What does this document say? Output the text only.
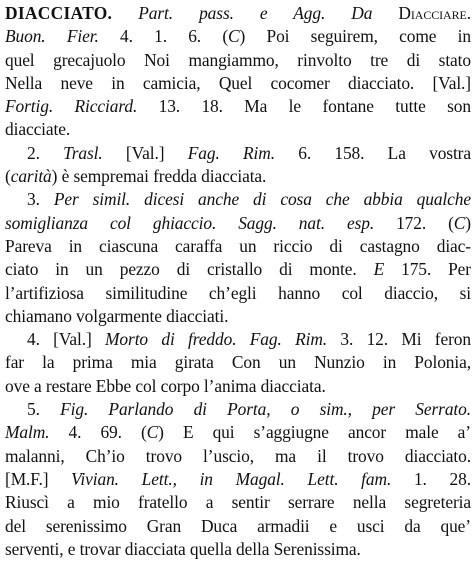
DIACCIATO. Part. pass. e Agg. Da Diacciare.
Buon. Fier. 4. 1. 6. (C) Poi seguirem, come in
quel grecajuolo Noi mangiammo, rinvolto tre di stato
Nella neve in camicia, Quel cocomer diacciato. [Val.]
Fortig. Ricciard. 13. 18. Ma le fontane tutte son
diacciate.
2. Trasl. [Val.] Fag. Rim. 6. 158. La vostra
(carità) è sempremai fredda diacciata.
3. Per simil. dicesi anche di cosa che abbia qualche
somiglianza col ghiaccio. Sagg. nat. esp. 172. (C)
Pareva in ciascuna caraffa un riccio di castagno diac-
ciato in un pezzo di cristallo di monte. E 175. Per
l’artifiziosa similitudine ch’egli hanno col diaccio, si
chiamano volgarmente diacciati.
4. [Val.] Morto di freddo. Fag. Rim. 3. 12. Mi feron
far la prima mia girata Con un Nunzio in Polonia,
ove a restare Ebbe col corpo l’anima diacciata.
5. Fig. Parlando di Porta, o sim., per Serrato.
Malm. 4. 69. (C) E qui s’aggiugne ancor male a’
malanni, Ch’io trovo l’uscio, ma il trovo diacciato.
[M.F.] Vivian. Lett., in Magal. Lett. fam. 1. 28.
Riuscì a mio fratello a sentir serrare nella segreteria
del serenissimo Gran Duca armadii e usci da que’
serventi, e trovar diacciata quella della Serenissima.
